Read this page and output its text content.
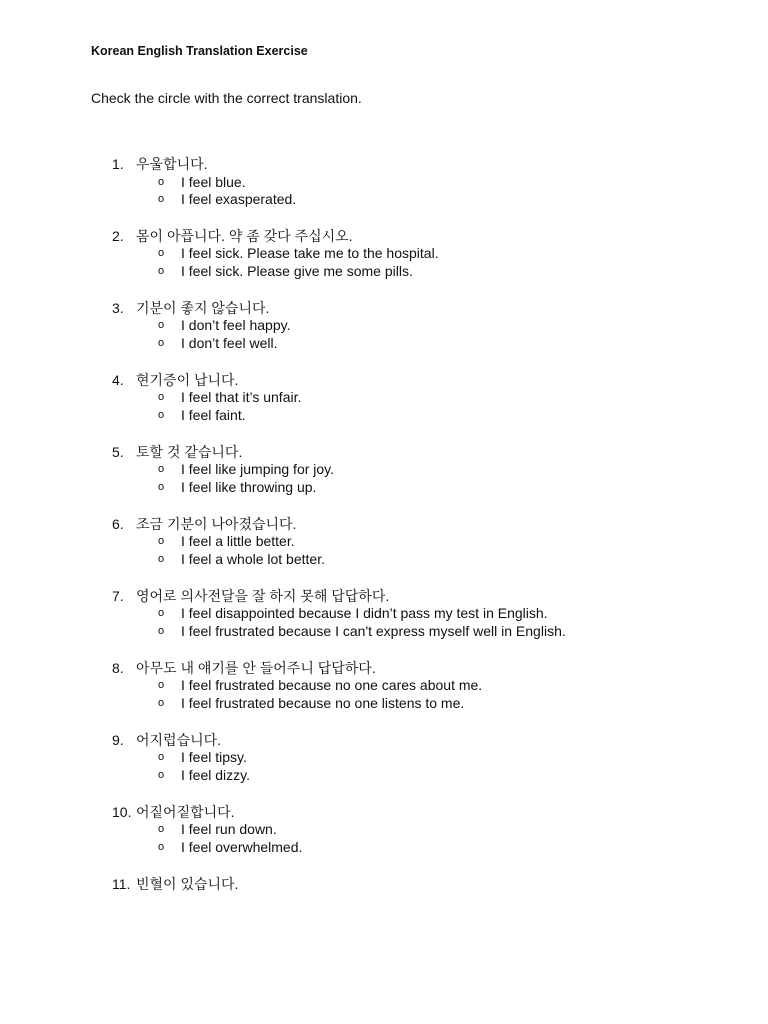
Korean English Translation Exercise
Check the circle with the correct translation.
1. 우울합니다.
o I feel blue.
o I feel exasperated.
2. 몸이 아픕니다. 약 좀 갖다 주십시오.
o I feel sick. Please take me to the hospital.
o I feel sick. Please give me some pills.
3. 기분이 좋지 않습니다.
o I don’t feel happy.
o I don’t feel well.
4. 현기증이 납니다.
o I feel that it’s unfair.
o I feel faint.
5. 토할 것 같습니다.
o I feel like jumping for joy.
o I feel like throwing up.
6. 조금 기분이 나아졌습니다.
o I feel a little better.
o I feel a whole lot better.
7. 영어로 의사전달을 잘 하지 못해 답답하다.
o I feel disappointed because I didn’t pass my test in English.
o I feel frustrated because I can't express myself well in English.
8. 아무도 내 얘기를 안 들어주니 답답하다.
o I feel frustrated because no one cares about me.
o I feel frustrated because no one listens to me.
9. 어지럽습니다.
o I feel tipsy.
o I feel dizzy.
10. 어짙어짙합니다.
o I feel run down.
o I feel overwhelmed.
11. 빈혈이 있습니다.
